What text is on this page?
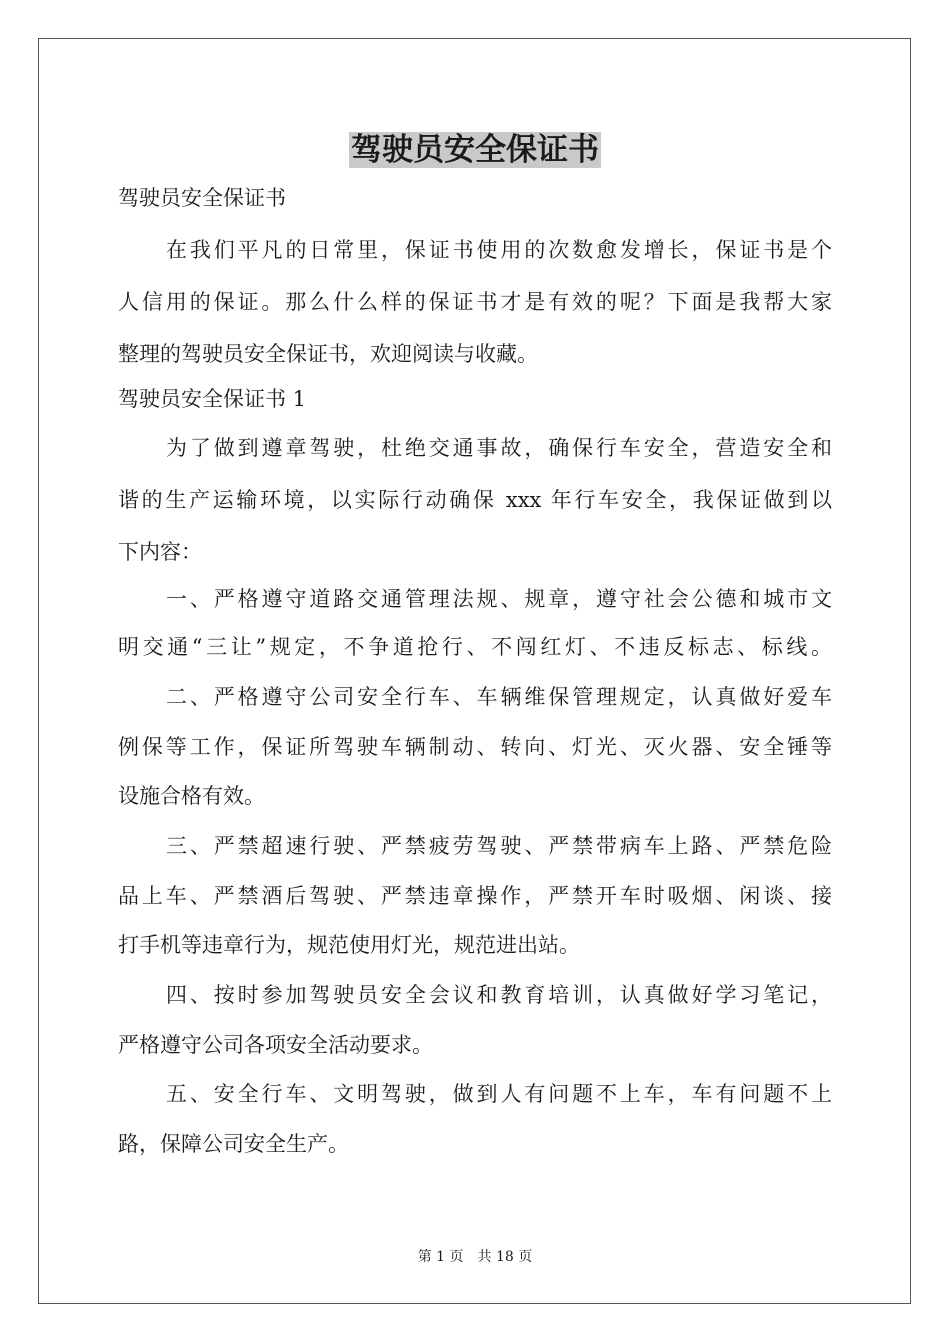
驾驶员安全保证书
驾驶员安全保证书
在我们平凡的日常里，保证书使用的次数愈发增长，保证书是个
人信用的保证。那么什么样的保证书才是有效的呢？下面是我帮大家
整理的驾驶员安全保证书，欢迎阅读与收藏。
驾驶员安全保证书 1
为了做到遵章驾驶，杜绝交通事故，确保行车安全，营造安全和
谐的生产运输环境，以实际行动确保 xxx 年行车安全，我保证做到以
下内容：
一、严格遵守道路交通管理法规、规章，遵守社会公德和城市文
明交通“三让”规定，不争道抢行、不闯红灯、不违反标志、标线。
二、严格遵守公司安全行车、车辆维保管理规定，认真做好爱车
例保等工作，保证所驾驶车辆制动、转向、灯光、灭火器、安全锤等
设施合格有效。
三、严禁超速行驶、严禁疲劳驾驶、严禁带病车上路、严禁危险
品上车、严禁酒后驾驶、严禁违章操作，严禁开车时吸烟、闲谈、接
打手机等违章行为，规范使用灯光，规范进出站。
四、按时参加驾驶员安全会议和教育培训，认真做好学习笔记，
严格遵守公司各项安全活动要求。
五、安全行车、文明驾驶，做到人有问题不上车，车有问题不上
路，保障公司安全生产。
第 1 页 共 18 页
